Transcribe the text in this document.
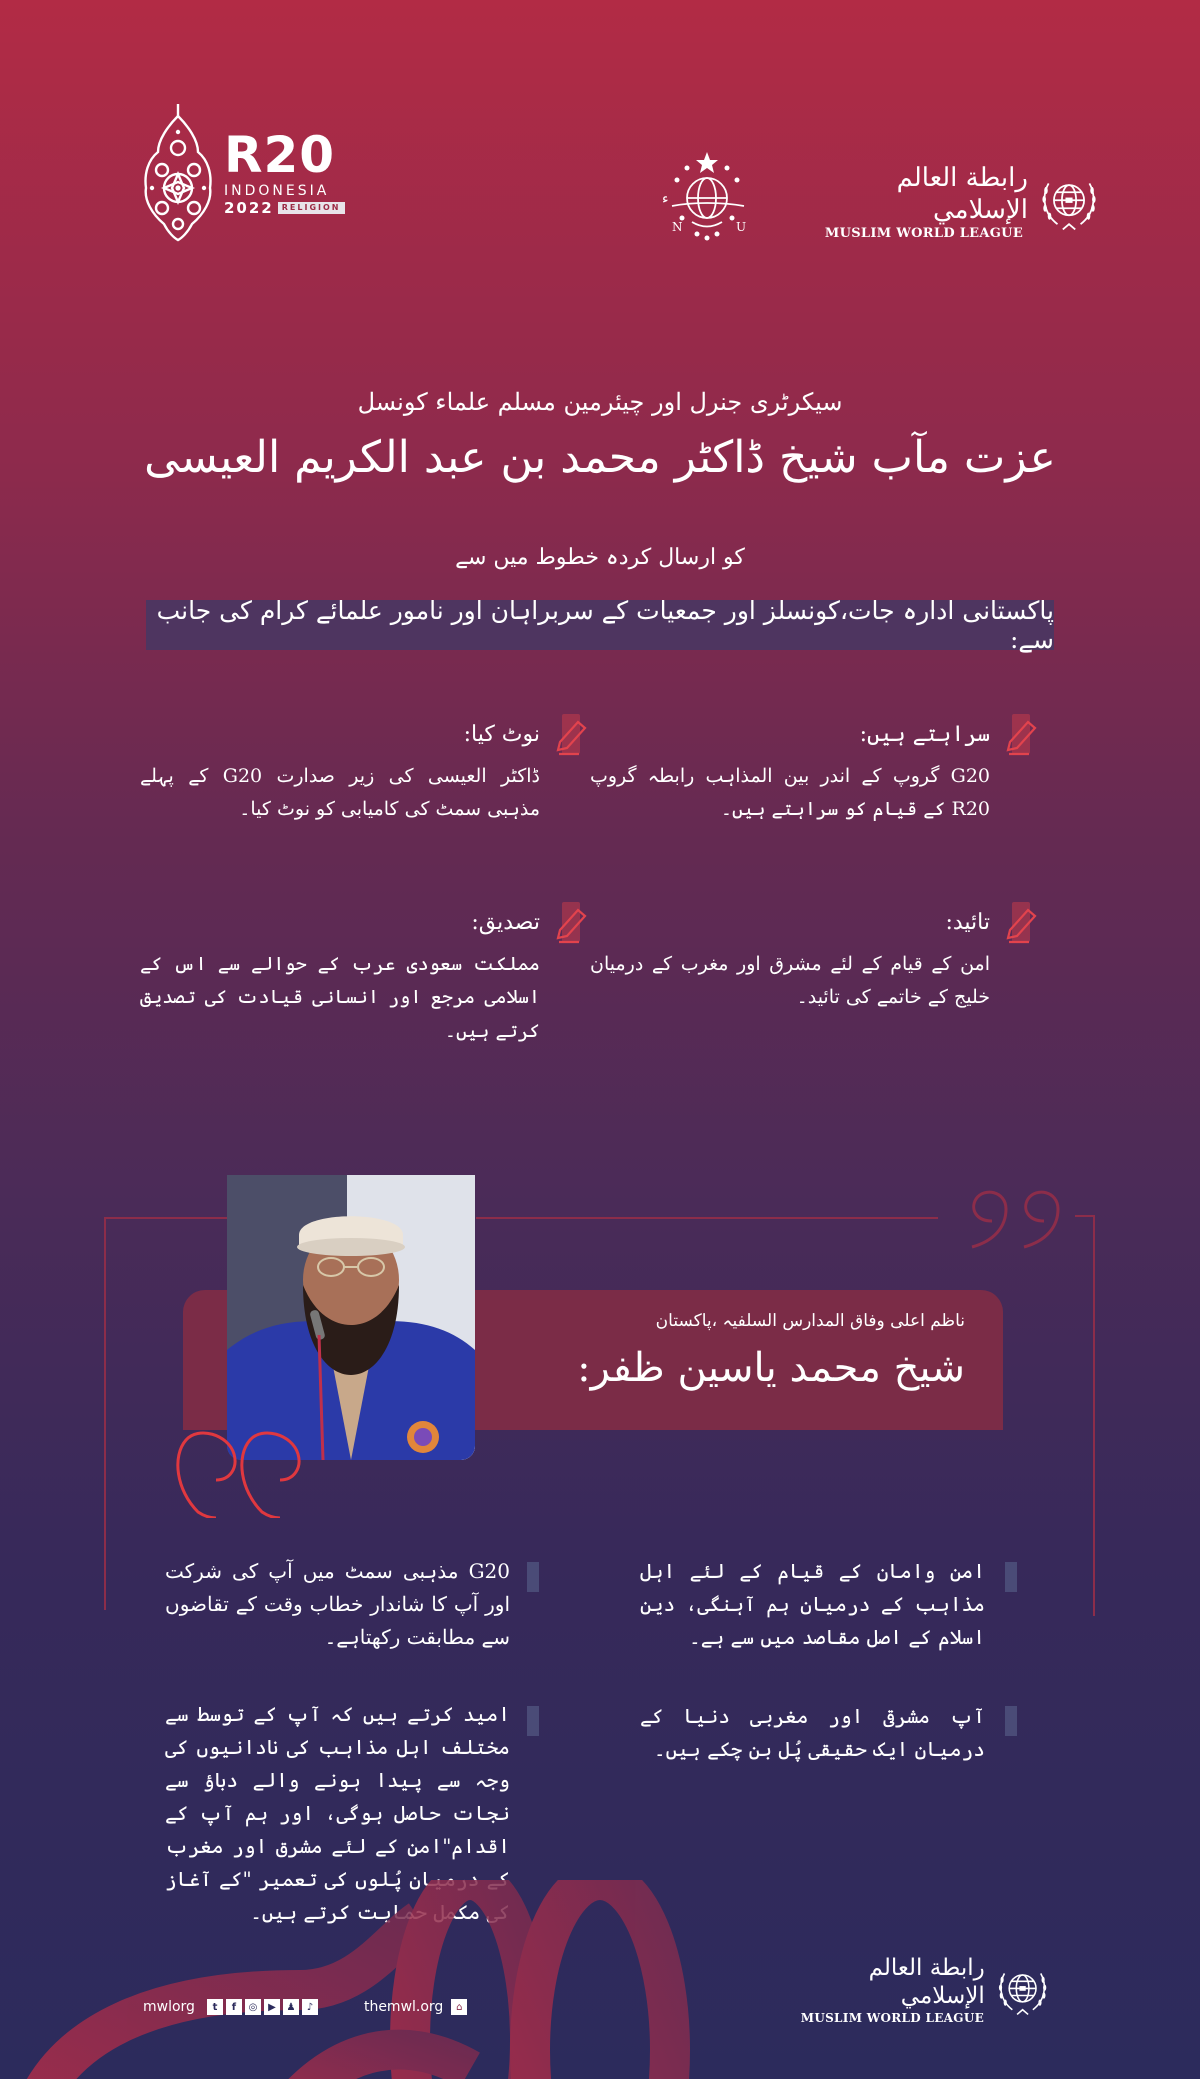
R20
INDONESIA
2022	RELIGION
N	U
ء
رابطة العالم الإسلامي
MUSLIM WORLD LEAGUE
سیکرٹری جنرل اور چیئرمین مسلم علماء کونسل
عزت مآب شیخ ڈاکٹر محمد بن عبد الکریم العیسی
کو ارسال کردہ خطوط میں سے
پاکستانی ادارہ جات،کونسلز اور جمعیات کے سربراہان اور نامور علمائے کرام کی جانب سے:
سراہتے ہیں:
G20 گروپ کے اندر بین المذاہب رابطہ گروپ R20 کے قیام کو سراہتے ہیں۔
نوٹ کیا:
ڈاکٹر العیسی کی زیر صدارت G20 کے پہلے مذہبی سمٹ کی کامیابی کو نوٹ کیا۔
تائید:
امن کے قیام کے لئے مشرق اور مغرب کے درمیان خلیج کے خاتمے کی تائید۔
تصدیق:
مملکت سعودی عرب کے حوالے سے اس کے اسلامی مرجع اور انسانی قیادت کی تصدیق کرتے ہیں۔
ناظم اعلی وفاق المدارس السلفیہ ،پاکستان
شیخ محمد یاسین ظفر:
امن وامان کے قیام کے لئے اہل مذاہب کے درمیان ہم آہنگی، دین اسلام کے اصل مقاصد میں سے ہے۔
آپ مشرقی اور مغربی دنیا کے درمیان ایک حقیقی پُل بن چکے ہیں۔
G20 مذہبی سمٹ میں آپ کی شرکت اور آپ کا شاندار خطاب وقت کے تقاضوں سے مطابقت رکھتاہے۔
امید کرتے ہیں کہ آپ کے توسط سے مختلف اہل مذاہب کی نادانیوں کی وجہ سے پیدا ہونے والے دباؤ سے نجات حاصل ہوگی، اور ہم آپ کے اقدام"امن کے لئے مشرق اور مغرب کے درمیان پُلوں کی تعمیر "کے آغاز کی مکمل حمایت کرتے ہیں۔
mwlorg	t	f	◎	▶	♟	♪	themwl.org	⌂
رابطة العالم الإسلامي
MUSLIM WORLD LEAGUE
